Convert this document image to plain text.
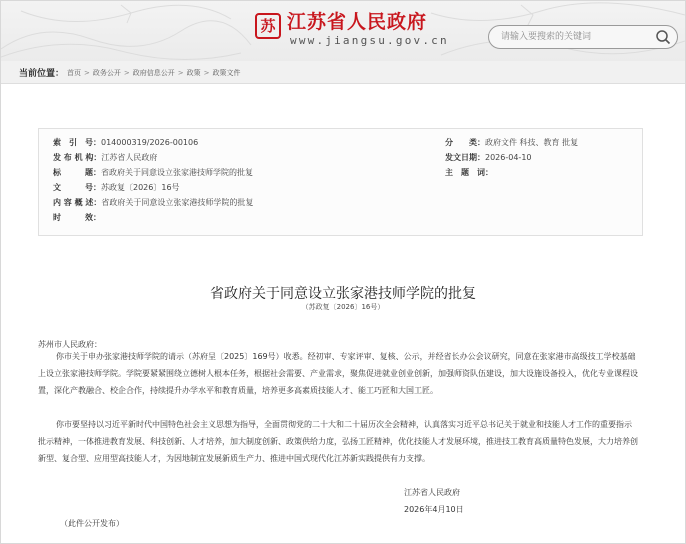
苏 江苏省人民政府
www.jiangsu.gov.cn
请输入要搜索的关键词
当前位置： 首页 > 政务公开 > 政府信息公开 > 政策 > 政策文件
索　引　号：014000319/2026-00106
发 布 机 构：江苏省人民政府
标　　　题：省政府关于同意设立张家港技师学院的批复
文　　　号：苏政复〔2026〕16号
内 容 概 述：省政府关于同意设立张家港技师学院的批复
时　　　效：
分　　类：政府文件 科技、教育 批复
发文日期：2026-04-10
主　题　词：
省政府关于同意设立张家港技师学院的批复
（苏政复〔2026〕16号）
苏州市人民政府：
你市关于申办张家港技师学院的请示（苏府呈〔2025〕169号）收悉。经初审、专家评审、复核、公示，并经省长办公会议研究，同意在张家港市高级技工学校基础上设立张家港技师学院。学院要紧紧围绕立德树人根本任务，根据社会需要、产业需求，聚焦促进就业创业创新，加强师资队伍建设，加大设施设备投入，优化专业课程设置，深化产教融合、校企合作，持续提升办学水平和教育质量，培养更多高素质技能人才、能工巧匠和大国工匠。
你市要坚持以习近平新时代中国特色社会主义思想为指导，全面贯彻党的二十大和二十届历次全会精神，认真落实习近平总书记关于就业和技能人才工作的重要指示批示精神，一体推进教育发展、科技创新、人才培养，加大制度创新、政策供给力度，弘扬工匠精神，优化技能人才发展环境，推进技工教育高质量特色发展，大力培养创新型、复合型、应用型高技能人才，为因地制宜发展新质生产力、推进中国式现代化江苏新实践提供有力支撑。
江苏省人民政府
2026年4月10日
（此件公开发布）
